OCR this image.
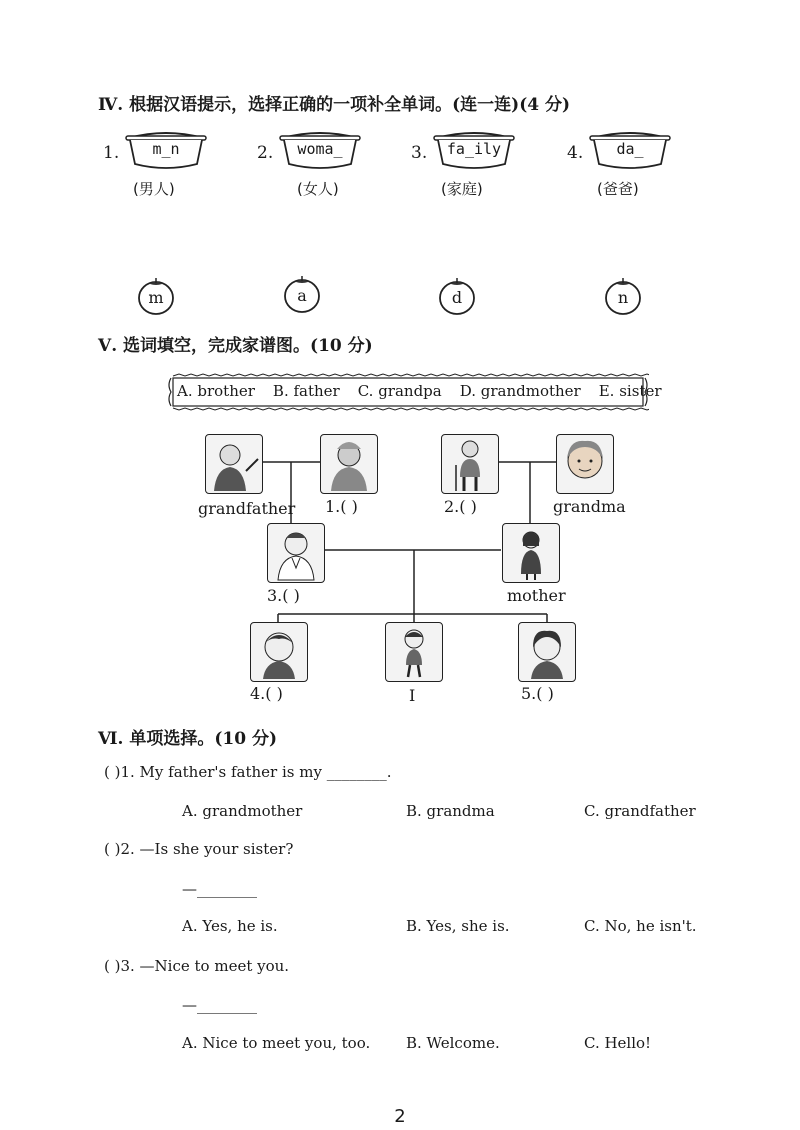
Ⅳ. 根据汉语提示，选择正确的一项补全单词。(连一连)(4 分)
1.	m_n
(男人)
2.	woma_
(女人)
3.	fa_ily
(家庭)
4.	da_
(爸爸)
m	a	d	n
Ⅴ. 选词填空，完成家谱图。(10 分)
A. brother B. father C. grandpa D. grandmother E. sister
grandfather 1.( )	2.( )	grandma
3.( )	mother
4.( )	I	5.( )
Ⅵ. 单项选择。(10 分)
( )1. My father's father is my ________.
A. grandmother	B. grandma	C. grandfather
( )2. —Is she your sister?
—________
A. Yes, he is.	B. Yes, she is.	C. No, he isn't.
( )3. —Nice to meet you.
—________
A. Nice to meet you, too. B. Welcome.	C. Hello!
2
